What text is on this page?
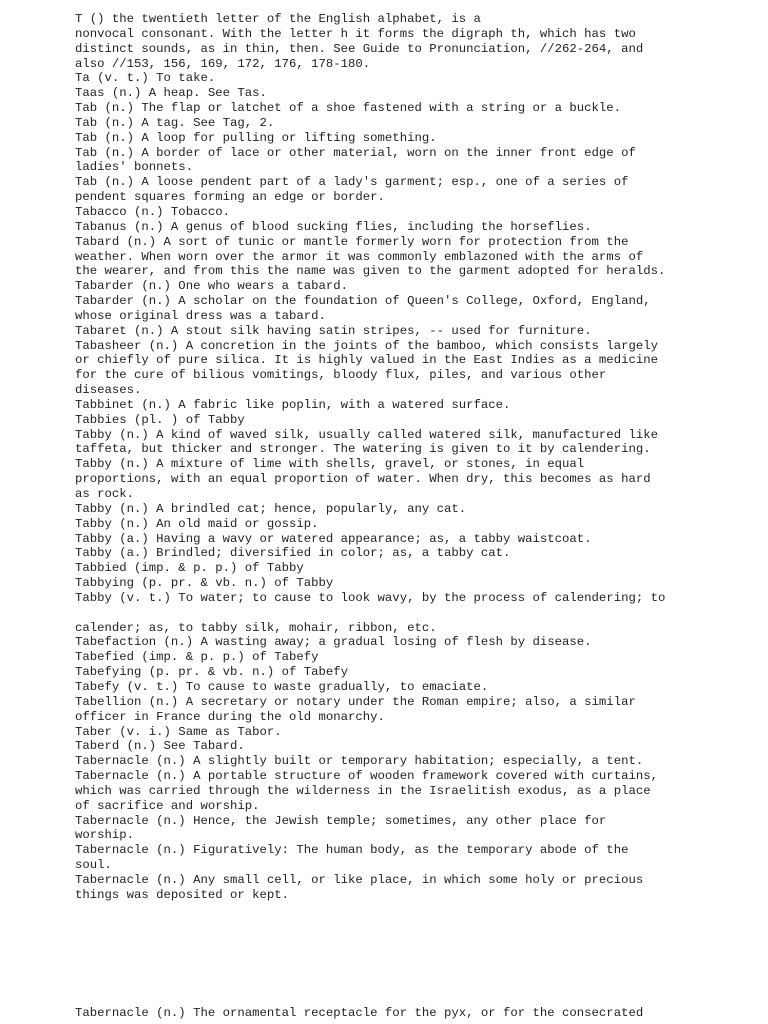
T () the twentieth letter of the English alphabet, is a
nonvocal consonant. With the letter h it forms the digraph th, which has two
distinct sounds, as in thin, then. See Guide to Pronunciation, //262-264, and
also //153, 156, 169, 172, 176, 178-180.
Ta (v. t.) To take.
Taas (n.) A heap. See Tas.
Tab (n.) The flap or latchet of a shoe fastened with a string or a buckle.
Tab (n.) A tag. See Tag, 2.
Tab (n.) A loop for pulling or lifting something.
Tab (n.) A border of lace or other material, worn on the inner front edge of
ladies' bonnets.
Tab (n.) A loose pendent part of a lady's garment; esp., one of a series of
pendent squares forming an edge or border.
Tabacco (n.) Tobacco.
Tabanus (n.) A genus of blood sucking flies, including the horseflies.
Tabard (n.) A sort of tunic or mantle formerly worn for protection from the
weather. When worn over the armor it was commonly emblazoned with the arms of
the wearer, and from this the name was given to the garment adopted for heralds.
Tabarder (n.) One who wears a tabard.
Tabarder (n.) A scholar on the foundation of Queen's College, Oxford, England,
whose original dress was a tabard.
Tabaret (n.) A stout silk having satin stripes, -- used for furniture.
Tabasheer (n.) A concretion in the joints of the bamboo, which consists largely
or chiefly of pure silica. It is highly valued in the East Indies as a medicine
for the cure of bilious vomitings, bloody flux, piles, and various other
diseases.
Tabbinet (n.) A fabric like poplin, with a watered surface.
Tabbies (pl. ) of Tabby
Tabby (n.) A kind of waved silk, usually called watered silk, manufactured like
taffeta, but thicker and stronger. The watering is given to it by calendering.
Tabby (n.) A mixture of lime with shells, gravel, or stones, in equal
proportions, with an equal proportion of water. When dry, this becomes as hard
as rock.
Tabby (n.) A brindled cat; hence, popularly, any cat.
Tabby (n.) An old maid or gossip.
Tabby (a.) Having a wavy or watered appearance; as, a tabby waistcoat.
Tabby (a.) Brindled; diversified in color; as, a tabby cat.
Tabbied (imp. & p. p.) of Tabby
Tabbying (p. pr. & vb. n.) of Tabby
Tabby (v. t.) To water; to cause to look wavy, by the process of calendering; to
calender; as, to tabby silk, mohair, ribbon, etc.
Tabefaction (n.) A wasting away; a gradual losing of flesh by disease.
Tabefied (imp. & p. p.) of Tabefy
Tabefying (p. pr. & vb. n.) of Tabefy
Tabefy (v. t.) To cause to waste gradually, to emaciate.
Tabellion (n.) A secretary or notary under the Roman empire; also, a similar
officer in France during the old monarchy.
Taber (v. i.) Same as Tabor.
Taberd (n.) See Tabard.
Tabernacle (n.) A slightly built or temporary habitation; especially, a tent.
Tabernacle (n.) A portable structure of wooden framework covered with curtains,
which was carried through the wilderness in the Israelitish exodus, as a place
of sacrifice and worship.
Tabernacle (n.) Hence, the Jewish temple; sometimes, any other place for
worship.
Tabernacle (n.) Figuratively: The human body, as the temporary abode of the
soul.
Tabernacle (n.) Any small cell, or like place, in which some holy or precious
things was deposited or kept.
Tabernacle (n.) The ornamental receptacle for the pyx, or for the consecrated
